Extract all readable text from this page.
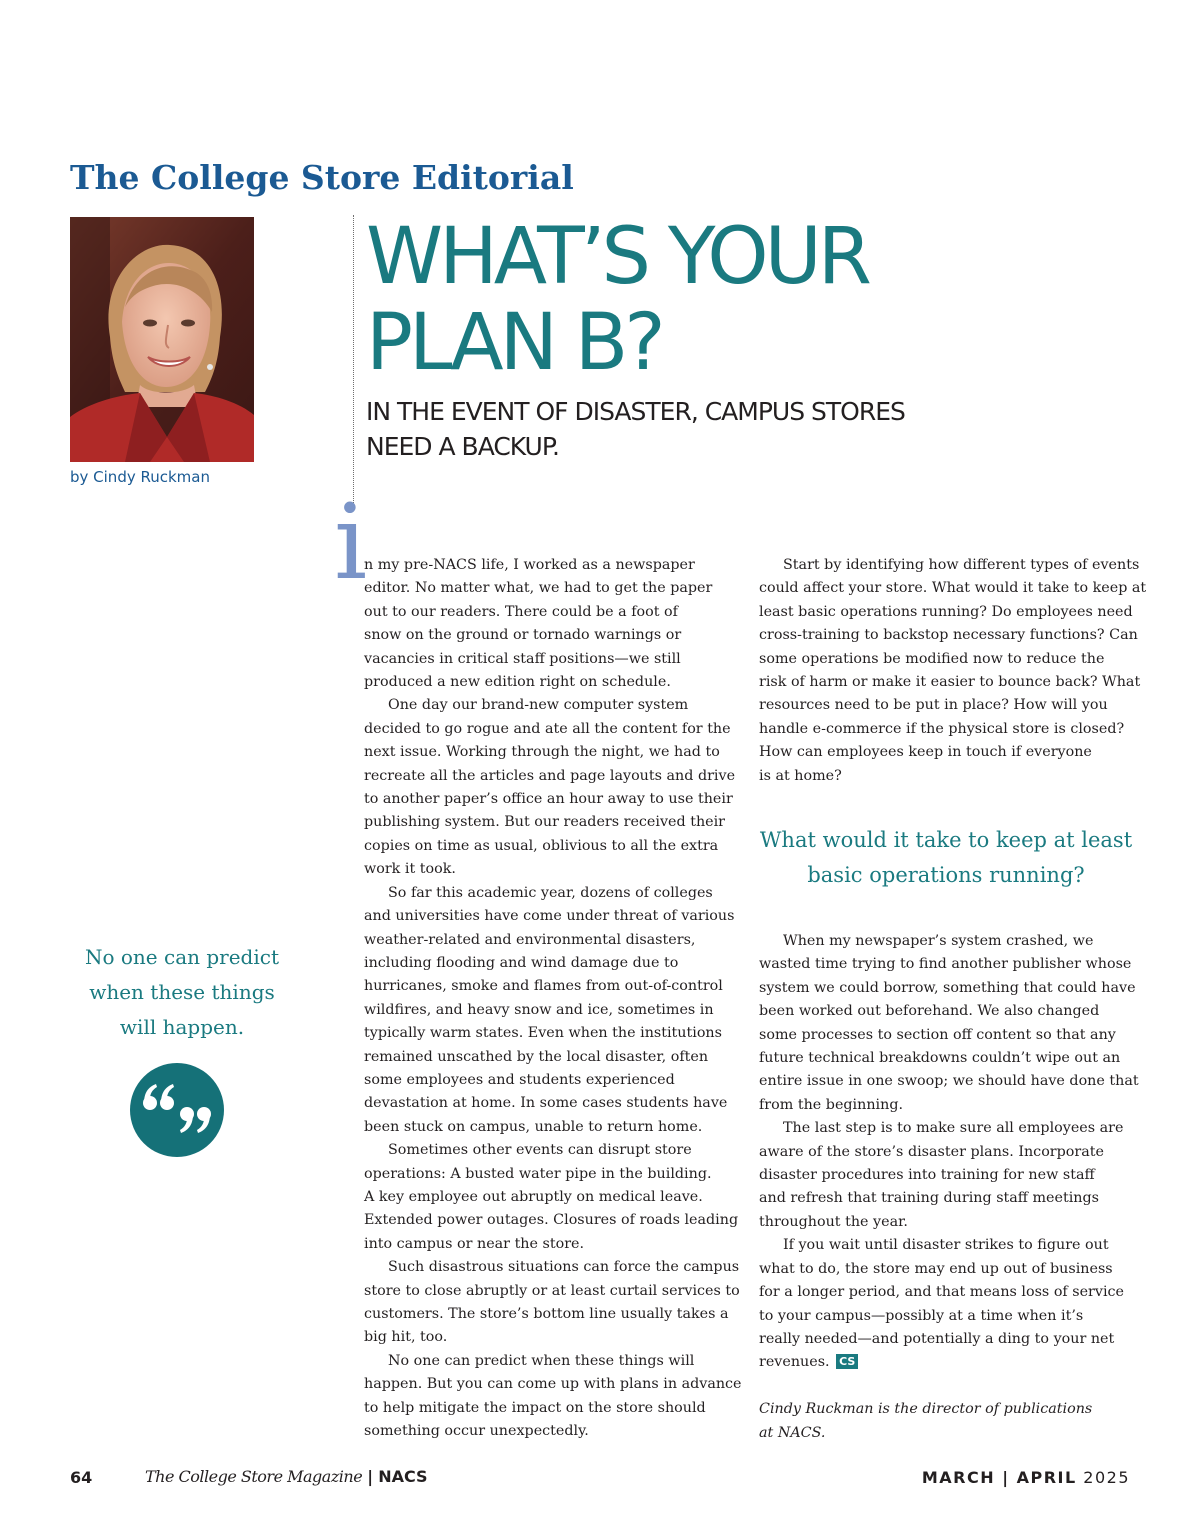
The College Store Editorial
by Cindy Ruckman
WHAT’S YOUR
PLAN B?
IN THE EVENT OF DISASTER, CAMPUS STORES
NEED A BACKUP.
i

n my pre-NACS life, I worked as a newspaper
editor. No matter what, we had to get the paper
out to our readers. There could be a foot of
snow on the ground or tornado warnings or
vacancies in critical staff positions—we still
produced a new edition right on schedule.

One day our brand-new computer system
decided to go rogue and ate all the content for the
next issue. Working through the night, we had to
recreate all the articles and page layouts and drive
to another paper’s office an hour away to use their
publishing system. But our readers received their
copies on time as usual, oblivious to all the extra
work it took.

So far this academic year, dozens of colleges
and universities have come under threat of various
weather-related and environmental disasters,
including flooding and wind damage due to
hurricanes, smoke and flames from out-of-control
wildfires, and heavy snow and ice, sometimes in
typically warm states. Even when the institutions
remained unscathed by the local disaster, often
some employees and students experienced
devastation at home. In some cases students have
been stuck on campus, unable to return home.

Sometimes other events can disrupt store
operations: A busted water pipe in the building.
A key employee out abruptly on medical leave.
Extended power outages. Closures of roads leading
into campus or near the store.

Such disastrous situations can force the campus
store to close abruptly or at least curtail services to
customers. The store’s bottom line usually takes a
big hit, too.

No one can predict when these things will
happen. But you can come up with plans in advance
to help mitigate the impact on the store should
something occur unexpectedly.

Start by identifying how different types of events
could affect your store. What would it take to keep at
least basic operations running? Do employees need
cross-training to backstop necessary functions? Can
some operations be modified now to reduce the
risk of harm or make it easier to bounce back? What
resources need to be put in place? How will you
handle e-commerce if the physical store is closed?
How can employees keep in touch if everyone
is at home?

What would it take to keep at least
basic operations running?

When my newspaper’s system crashed, we
wasted time trying to find another publisher whose
system we could borrow, something that could have
been worked out beforehand. We also changed
some processes to section off content so that any
future technical breakdowns couldn’t wipe out an
entire issue in one swoop; we should have done that
from the beginning.

The last step is to make sure all employees are
aware of the store’s disaster plans. Incorporate
disaster procedures into training for new staff
and refresh that training during staff meetings
throughout the year.

If you wait until disaster strikes to figure out
what to do, the store may end up out of business
for a longer period, and that means loss of service
to your campus—possibly at a time when it’s
really needed—and potentially a ding to your net
revenues. CS

Cindy Ruckman is the director of publications
at NACS.

No one can predict
when these things
will happen.
64	The College Store Magazine | NACS	MARCH | APRIL 2025
